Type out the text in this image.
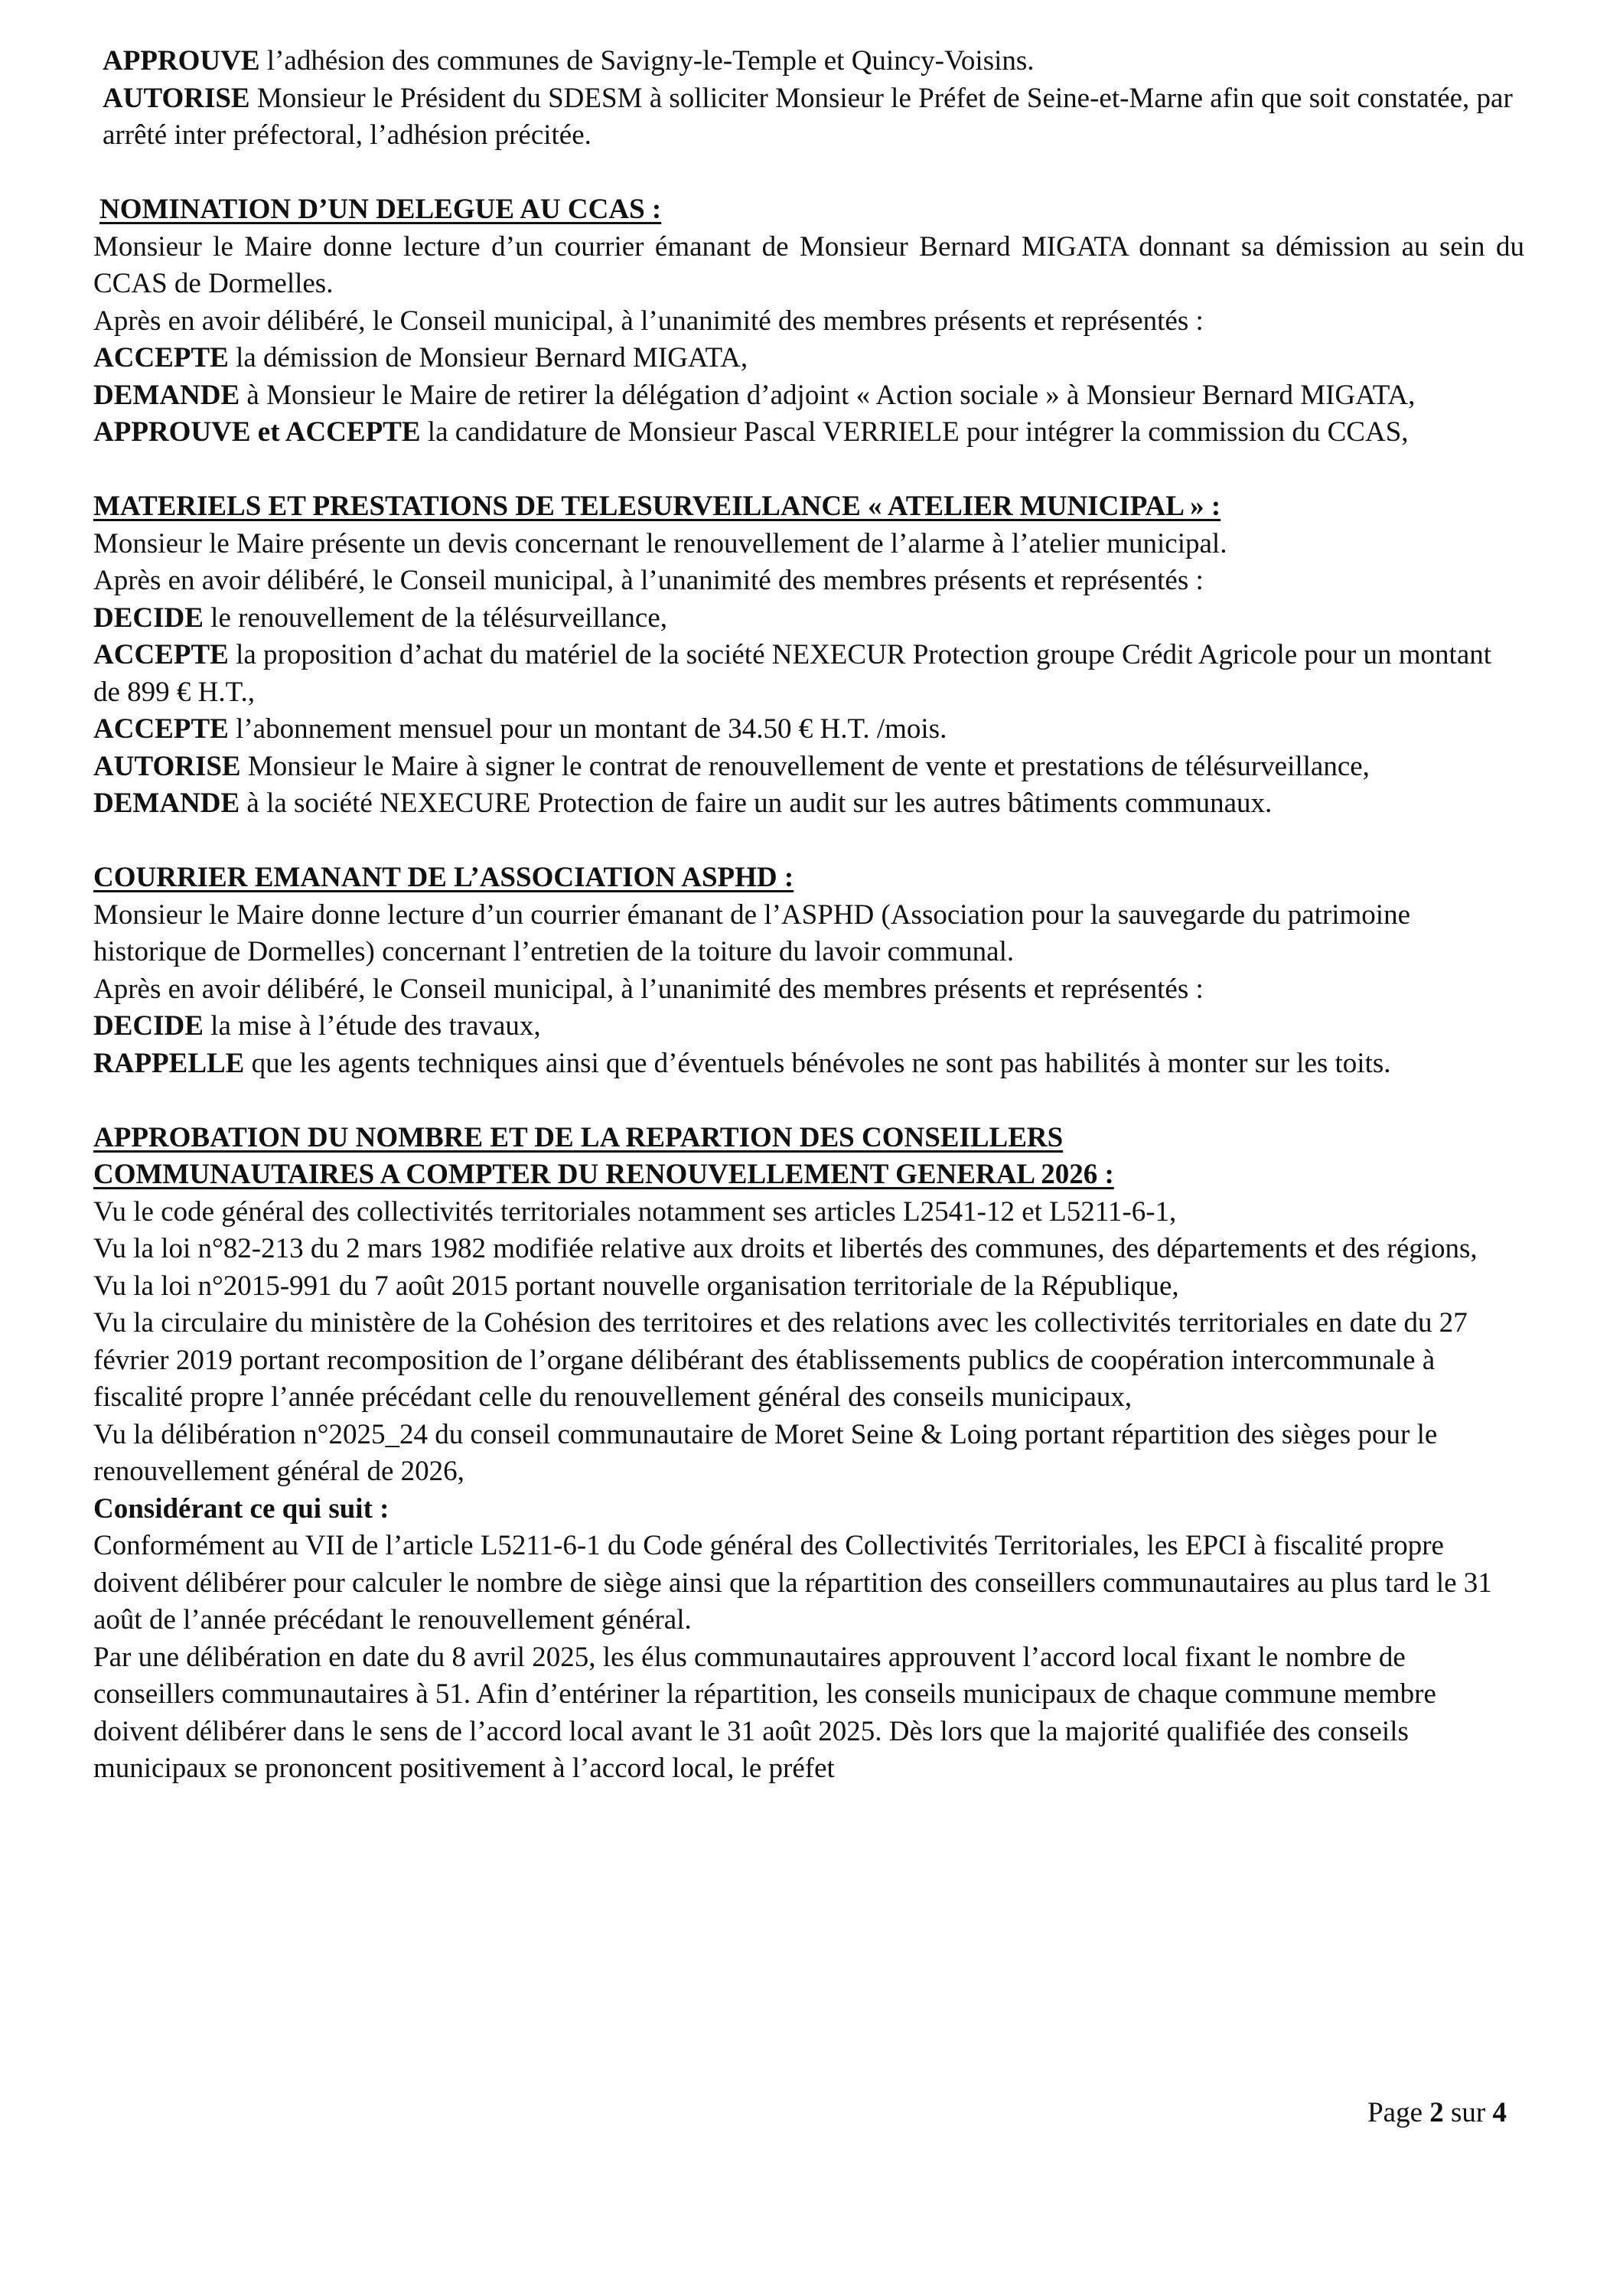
APPROUVE l’adhésion des communes de Savigny-le-Temple et Quincy-Voisins.

AUTORISE Monsieur le Président du SDESM à solliciter Monsieur le Préfet de Seine-et-Marne afin que soit constatée, par arrêté inter préfectoral, l’adhésion précitée.

NOMINATION D’UN DELEGUE AU CCAS :

Monsieur le Maire donne lecture d’un courrier émanant de Monsieur Bernard MIGATA donnant sa démission au sein du CCAS de Dormelles.

Après en avoir délibéré, le Conseil municipal, à l’unanimité des membres présents et représentés :

ACCEPTE la démission de Monsieur Bernard MIGATA,

DEMANDE à Monsieur le Maire de retirer la délégation d’adjoint « Action sociale » à Monsieur Bernard MIGATA,

APPROUVE et ACCEPTE la candidature de Monsieur Pascal VERRIELE pour intégrer la commission du CCAS,

MATERIELS ET PRESTATIONS DE TELESURVEILLANCE « ATELIER MUNICIPAL » :

Monsieur le Maire présente un devis concernant le renouvellement de l’alarme à l’atelier municipal.

Après en avoir délibéré, le Conseil municipal, à l’unanimité des membres présents et représentés :

DECIDE le renouvellement de la télésurveillance,

ACCEPTE la proposition d’achat du matériel de la société NEXECUR Protection groupe Crédit Agricole pour un montant de 899 € H.T.,

ACCEPTE l’abonnement mensuel pour un montant de 34.50 € H.T. /mois.

AUTORISE Monsieur le Maire à signer le contrat de renouvellement de vente et prestations de télésurveillance,

DEMANDE à la société NEXECURE Protection de faire un audit sur les autres bâtiments communaux.

COURRIER EMANANT DE L’ASSOCIATION ASPHD :

Monsieur le Maire donne lecture d’un courrier émanant de l’ASPHD (Association pour la sauvegarde du patrimoine historique de Dormelles) concernant l’entretien de la toiture du lavoir communal.

Après en avoir délibéré, le Conseil municipal, à l’unanimité des membres présents et représentés :

DECIDE la mise à l’étude des travaux,

RAPPELLE que les agents techniques ainsi que d’éventuels bénévoles ne sont pas habilités à monter sur les toits.

APPROBATION DU NOMBRE ET DE LA REPARTION DES CONSEILLERS

COMMUNAUTAIRES A COMPTER DU RENOUVELLEMENT GENERAL 2026 :

Vu le code général des collectivités territoriales notamment ses articles L2541-12 et L5211-6-1,

Vu la loi n°82-213 du 2 mars 1982 modifiée relative aux droits et libertés des communes, des départements et des régions,

Vu la loi n°2015-991 du 7 août 2015 portant nouvelle organisation territoriale de la République,

Vu la circulaire du ministère de la Cohésion des territoires et des relations avec les collectivités territoriales en date du 27 février 2019 portant recomposition de l’organe délibérant des établissements publics de coopération intercommunale à fiscalité propre l’année précédant celle du renouvellement général des conseils municipaux,

Vu la délibération n°2025_24 du conseil communautaire de Moret Seine & Loing portant répartition des sièges pour le renouvellement général de 2026,

Considérant ce qui suit :

Conformément au VII de l’article L5211-6-1 du Code général des Collectivités Territoriales, les EPCI à fiscalité propre doivent délibérer pour calculer le nombre de siège ainsi que la répartition des conseillers communautaires au plus tard le 31 août de l’année précédant le renouvellement général.

Par une délibération en date du 8 avril 2025, les élus communautaires approuvent l’accord local fixant le nombre de conseillers communautaires à 51. Afin d’entériner la répartition, les conseils municipaux de chaque commune membre doivent délibérer dans le sens de l’accord local avant le 31 août 2025. Dès lors que la majorité qualifiée des conseils municipaux se prononcent positivement à l’accord local, le préfet

Page 2 sur 4
